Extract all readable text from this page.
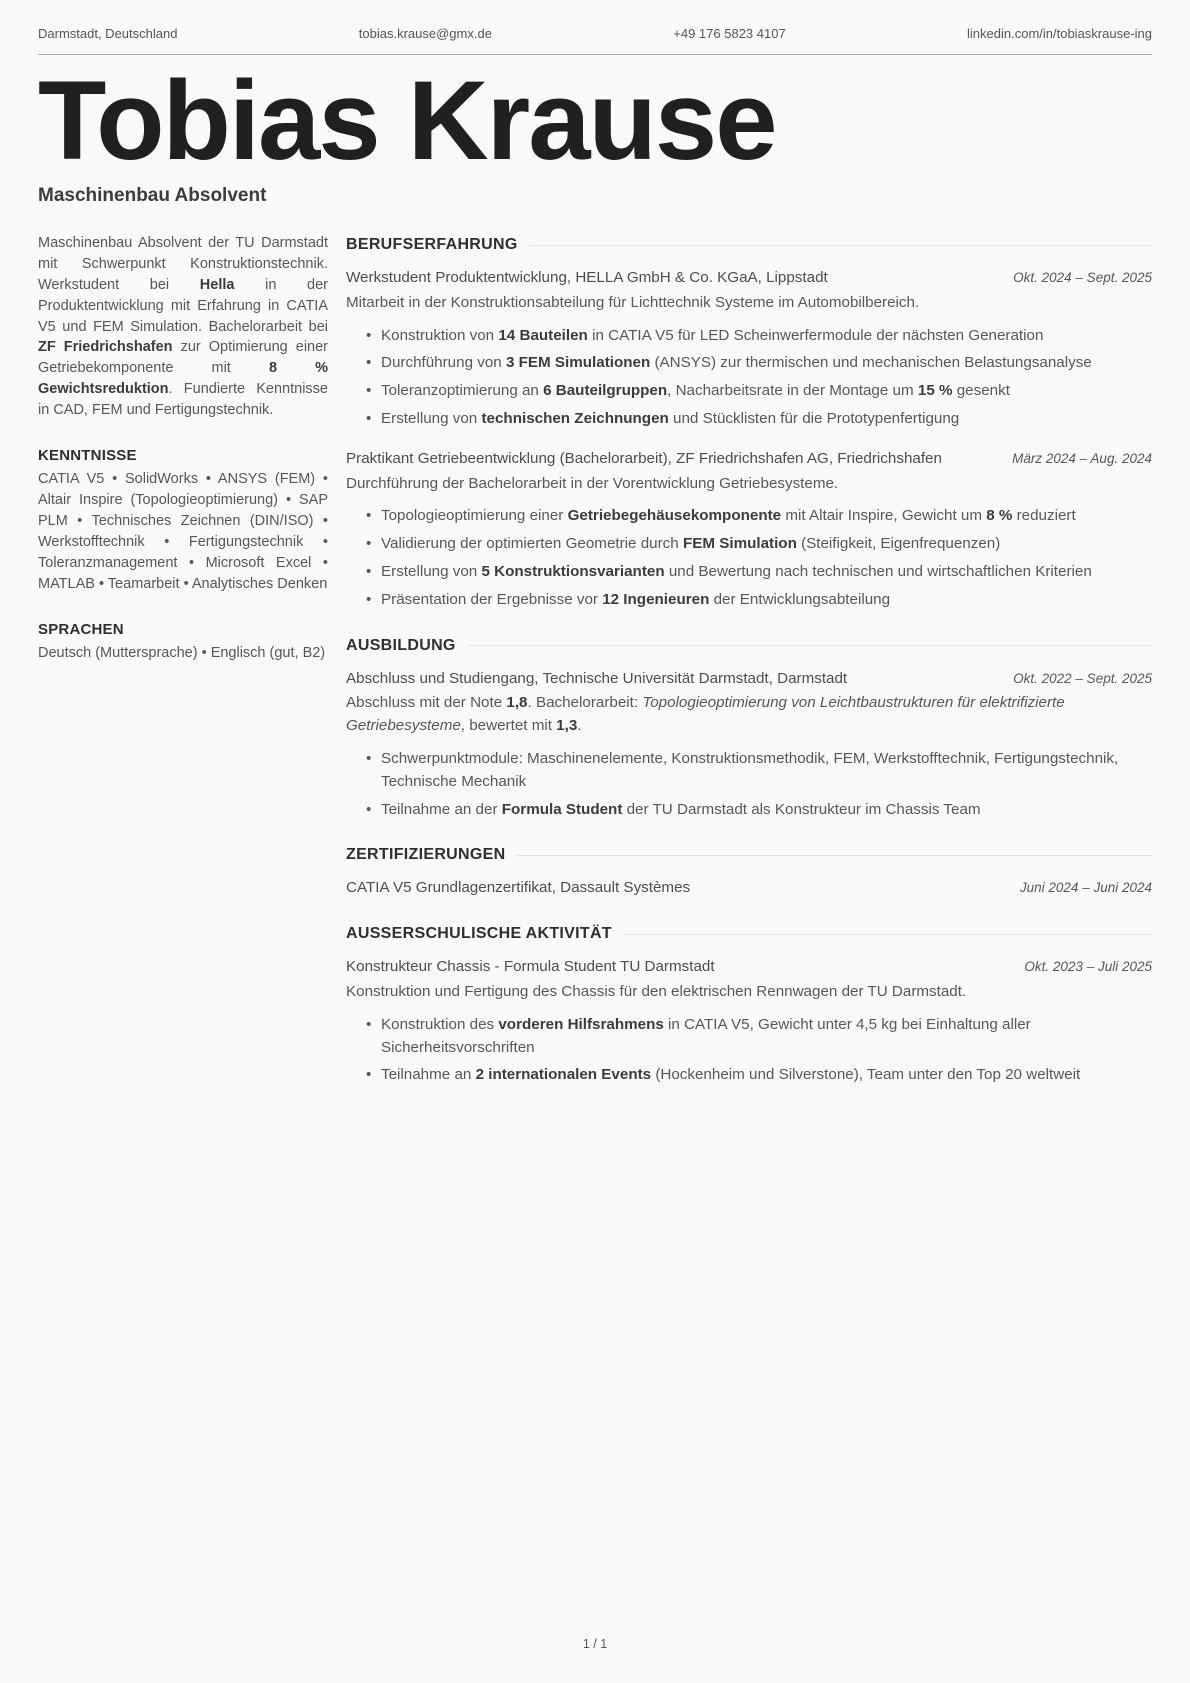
Darmstadt, Deutschland	tobias.krause@gmx.de	+49 176 5823 4107	linkedin.com/in/tobiaskrause-ing
Tobias Krause
Maschinenbau Absolvent

Maschinenbau Absolvent der TU Darmstadt mit Schwerpunkt Konstruktionstechnik. Werkstudent bei Hella in der Produktentwicklung mit Erfahrung in CATIA V5 und FEM Simulation. Bachelorarbeit bei ZF Friedrichshafen zur Optimierung einer Getriebekomponente mit 8 % Gewichtsreduktion. Fundierte Kenntnisse in CAD, FEM und Fertigungstechnik.

KENNTNISSE

CATIA V5 • SolidWorks • ANSYS (FEM) • Altair Inspire (Topologieoptimierung) • SAP PLM • Technisches Zeichnen (DIN/ISO) • Werkstofftechnik • Fertigungstechnik • Toleranzmanagement • Microsoft Excel • MATLAB • Teamarbeit • Analytisches Denken

SPRACHEN

Deutsch (Muttersprache) • Englisch (gut, B2)

BERUFSERFAHRUNG
Werkstudent Produktentwicklung, HELLA GmbH & Co. KGaA, Lippstadt	Okt. 2024 – Sept. 2025

Mitarbeit in der Konstruktionsabteilung für Lichttechnik Systeme im Automobilbereich.

• Konstruktion von 14 Bauteilen in CATIA V5 für LED Scheinwerfermodule der nächsten Generation
• Durchführung von 3 FEM Simulationen (ANSYS) zur thermischen und mechanischen Belastungsanalyse
• Toleranzoptimierung an 6 Bauteilgruppen, Nacharbeitsrate in der Montage um 15 % gesenkt
• Erstellung von technischen Zeichnungen und Stücklisten für die Prototypenfertigung
Praktikant Getriebeentwicklung (Bachelorarbeit), ZF Friedrichshafen AG, Friedrichshafen	März 2024 – Aug. 2024

Durchführung der Bachelorarbeit in der Vorentwicklung Getriebesysteme.

• Topologieoptimierung einer Getriebegehäusekomponente mit Altair Inspire, Gewicht um 8 % reduziert
• Validierung der optimierten Geometrie durch FEM Simulation (Steifigkeit, Eigenfrequenzen)
• Erstellung von 5 Konstruktionsvarianten und Bewertung nach technischen und wirtschaftlichen Kriterien
• Präsentation der Ergebnisse vor 12 Ingenieuren der Entwicklungsabteilung
AUSBILDUNG
Abschluss und Studiengang, Technische Universität Darmstadt, Darmstadt	Okt. 2022 – Sept. 2025

Abschluss mit der Note 1,8. Bachelorarbeit: Topologieoptimierung von Leichtbaustrukturen für elektrifizierte Getriebesysteme, bewertet mit 1,3.

• Schwerpunktmodule: Maschinenelemente, Konstruktionsmethodik, FEM, Werkstofftechnik, Fertigungstechnik, Technische Mechanik
• Teilnahme an der Formula Student der TU Darmstadt als Konstrukteur im Chassis Team
ZERTIFIZIERUNGEN
CATIA V5 Grundlagenzertifikat, Dassault Systèmes	Juni 2024 – Juni 2024
AUSSERSCHULISCHE AKTIVITÄT
Konstrukteur Chassis - Formula Student TU Darmstadt	Okt. 2023 – Juli 2025

Konstruktion und Fertigung des Chassis für den elektrischen Rennwagen der TU Darmstadt.

• Konstruktion des vorderen Hilfsrahmens in CATIA V5, Gewicht unter 4,5 kg bei Einhaltung aller Sicherheitsvorschriften
• Teilnahme an 2 internationalen Events (Hockenheim und Silverstone), Team unter den Top 20 weltweit
1 / 1
